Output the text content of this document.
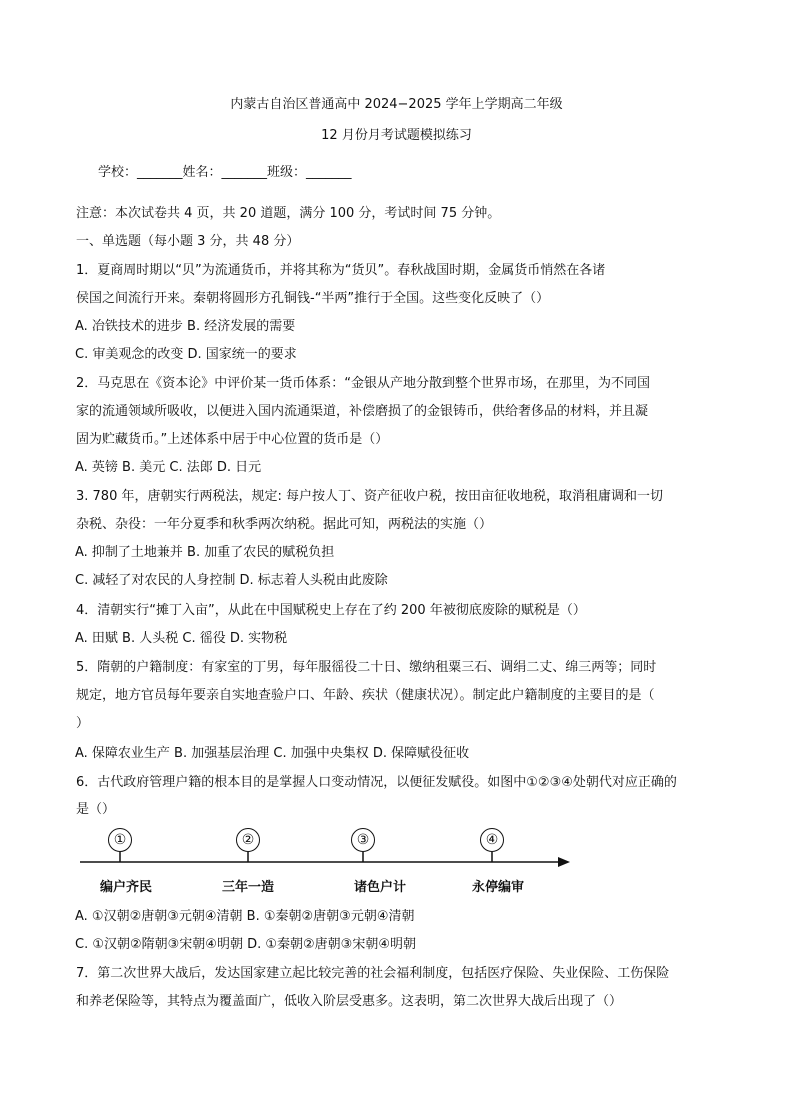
内蒙古自治区普通高中 2024−2025 学年上学期高二年级
12 月份月考试题模拟练习
学校：_______姓名：_______班级：_______
注意：本次试卷共 4 页，共 20 道题，满分 100 分，考试时间 75 分钟。
一、单选题（每小题 3 分，共 48 分）
1．夏商周时期以“贝”为流通货币，并将其称为“货贝”。春秋战国时期，金属货币悄然在各诸
侯国之间流行开来。秦朝将圆形方孔铜钱-“半两”推行于全国。这些变化反映了（）
A. 冶铁技术的进步 B. 经济发展的需要
C. 审美观念的改变 D. 国家统一的要求
2．马克思在《资本论》中评价某一货币体系：“金银从产地分散到整个世界市场，在那里，为不同国
家的流通领域所吸收，以便进入国内流通渠道，补偿磨损了的金银铸币，供给奢侈品的材料，并且凝
固为贮藏货币。”上述体系中居于中心位置的货币是（）
A. 英镑 B. 美元 C. 法郎 D. 日元
3. 780 年，唐朝实行两税法，规定: 每户按人丁、资产征收户税，按田亩征收地税，取消租庸调和一切
杂税、杂役：一年分夏季和秋季两次纳税。据此可知，两税法的实施（）
A. 抑制了土地兼并 B. 加重了农民的赋税负担
C. 减轻了对农民的人身控制 D. 标志着人头税由此废除
4．清朝实行“摊丁入亩”，从此在中国赋税史上存在了约 200 年被彻底废除的赋税是（）
A. 田赋 B. 人头税 C. 徭役 D. 实物税
5．隋朝的户籍制度：有家室的丁男，每年服徭役二十日、缴纳租粟三石、调绢二丈、绵三两等；同时
规定，地方官员每年要亲自实地查验户口、年龄、疾状（健康状况）。制定此户籍制度的主要目的是（
）
A. 保障农业生产 B. 加强基层治理 C. 加强中央集权 D. 保障赋役征收
6．古代政府管理户籍的根本目的是掌握人口变动情况，以便征发赋役。如图中①②③④处朝代对应正确的
是（）
①	②	③	④
编户齐民	三年一造	诸色户计	永停编审
A. ①汉朝②唐朝③元朝④清朝 B. ①秦朝②唐朝③元朝④清朝
C. ①汉朝②隋朝③宋朝④明朝 D. ①秦朝②唐朝③宋朝④明朝
7．第二次世界大战后，发达国家建立起比较完善的社会福利制度，包括医疗保险、失业保险、工伤保险
和养老保险等，其特点为覆盖面广，低收入阶层受惠多。这表明，第二次世界大战后出现了（）
